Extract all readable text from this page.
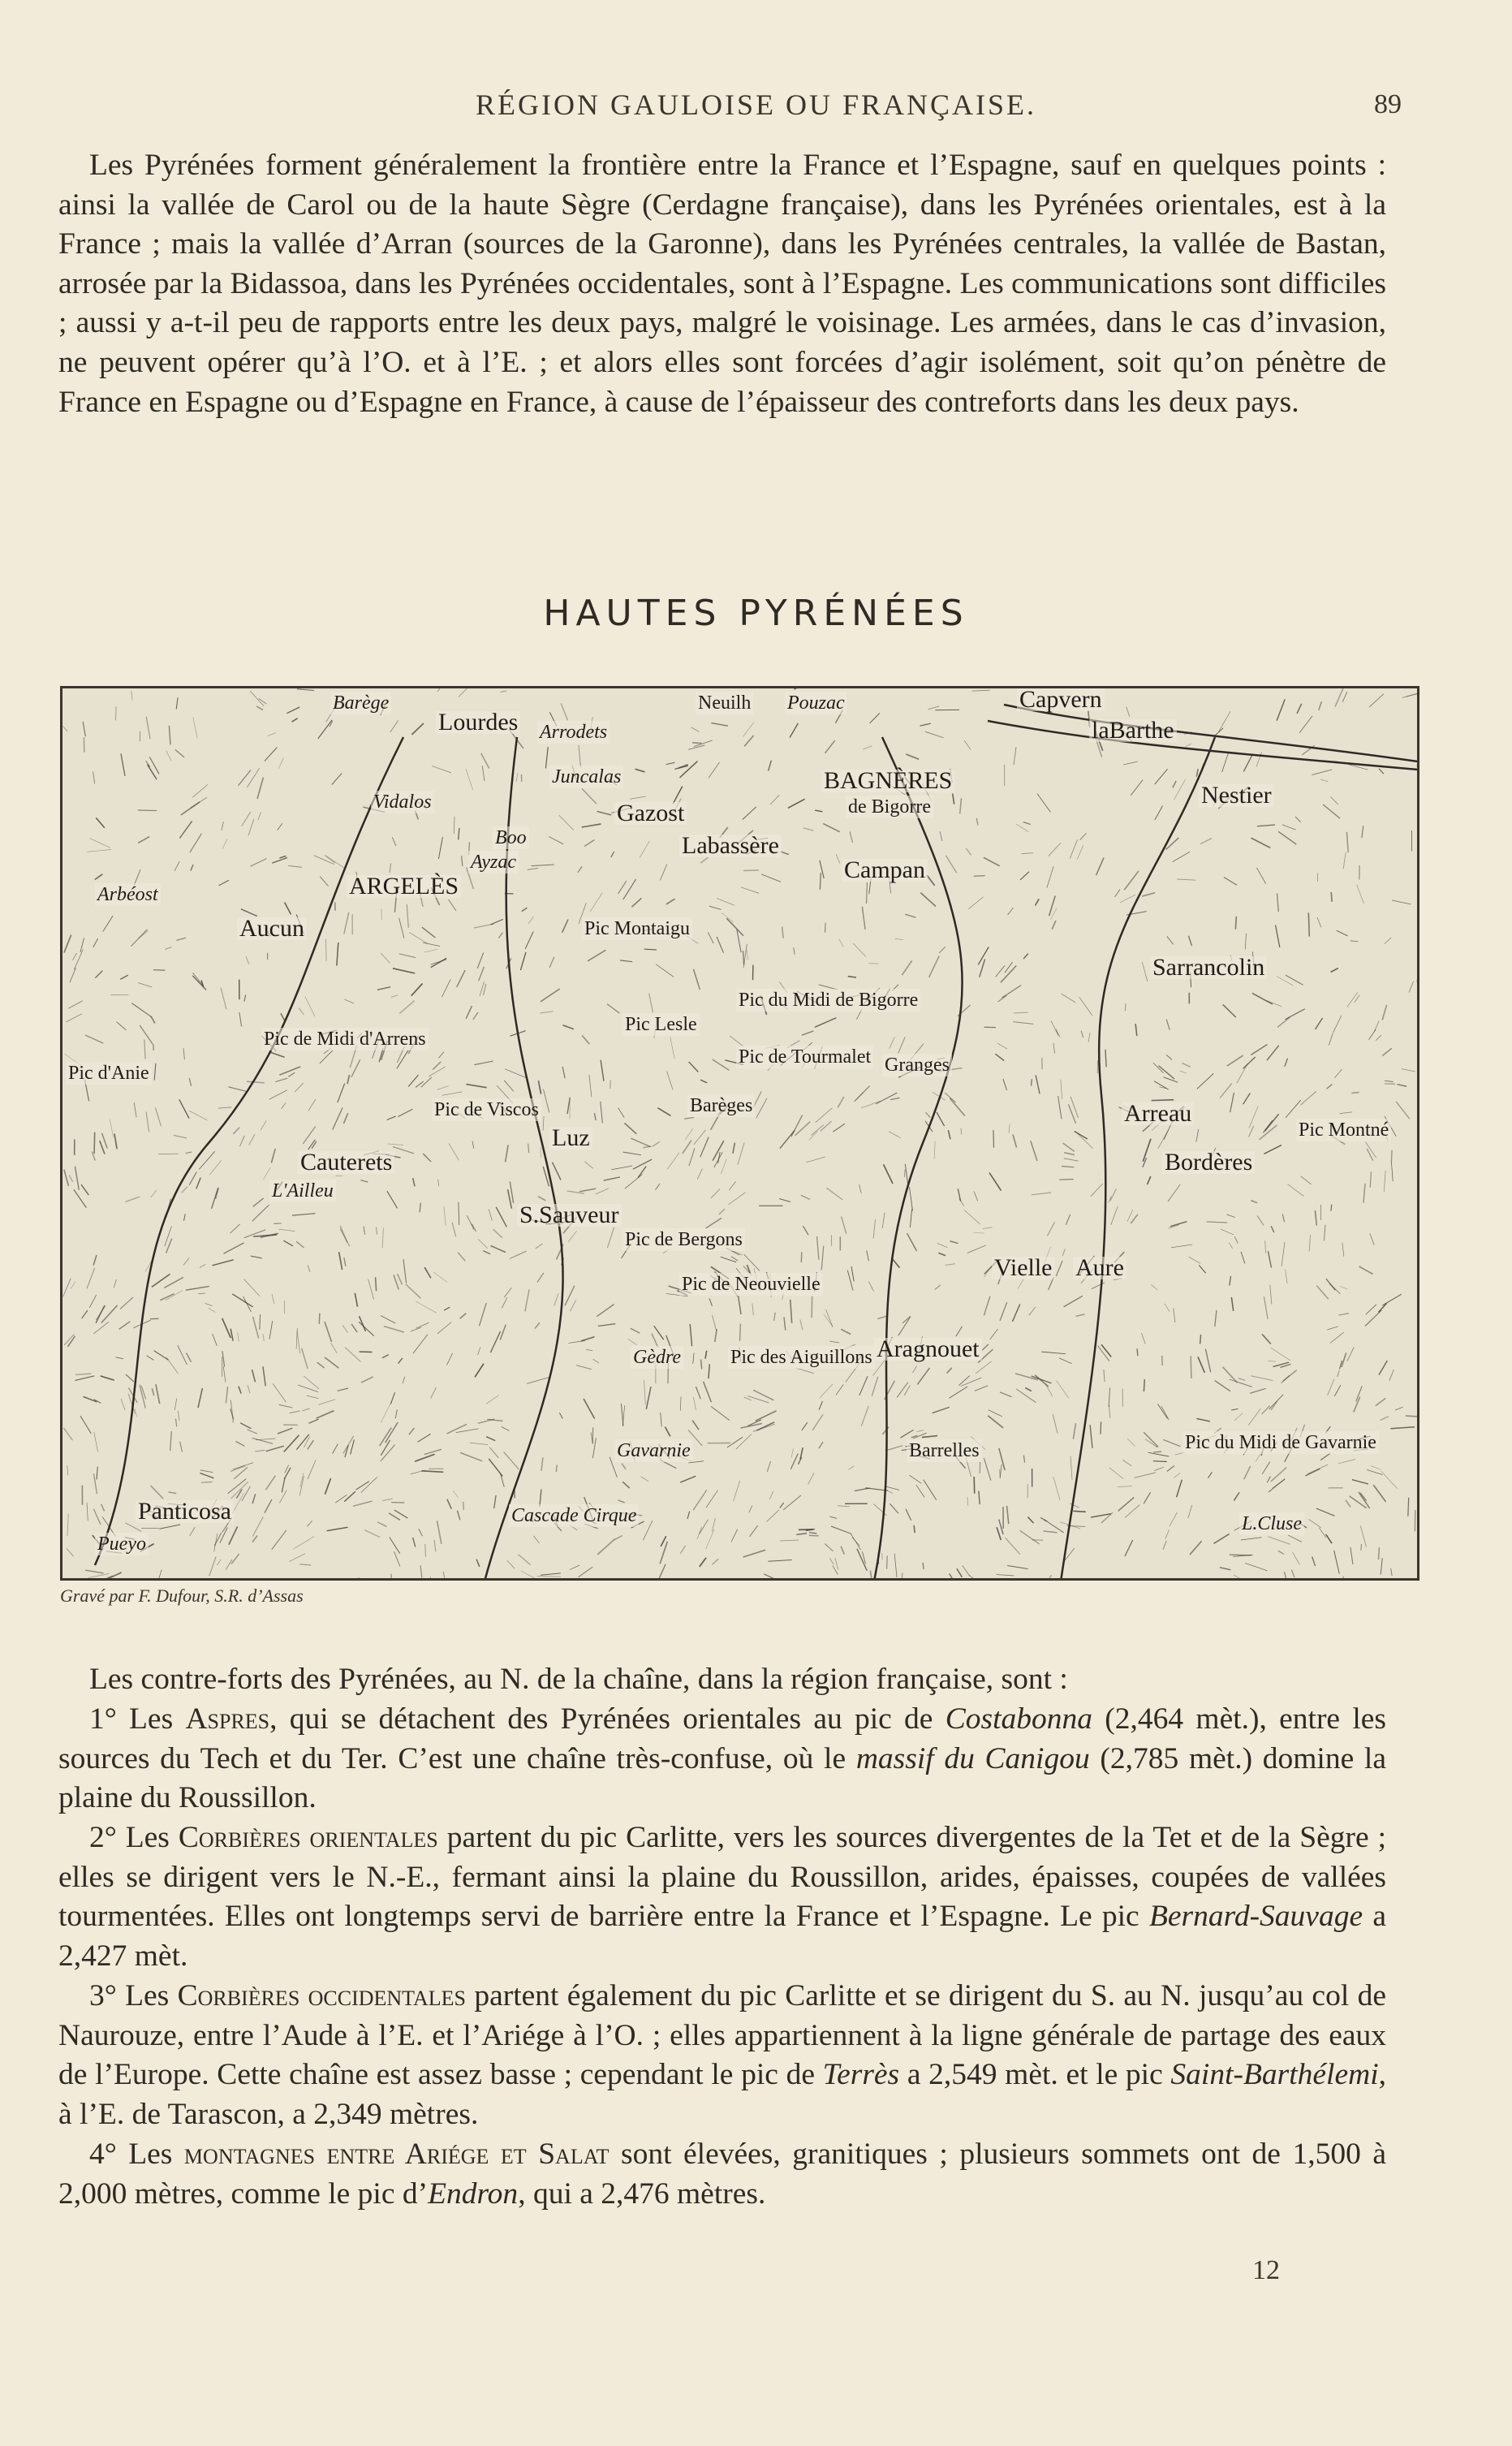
RÉGION GAULOISE OU FRANÇAISE.	89

Les Pyrénées forment généralement la frontière entre la France et l’Espagne, sauf en quelques points : ainsi la vallée de Carol ou de la haute Sègre (Cerdagne française), dans les Pyrénées orientales, est à la France ; mais la vallée d’Arran (sources de la Garonne), dans les Pyrénées centrales, la vallée de Bastan, arrosée par la Bidassoa, dans les Pyrénées occidentales, sont à l’Espagne. Les communications sont difficiles ; aussi y a-t-il peu de rapports entre les deux pays, malgré le voisinage. Les armées, dans le cas d’invasion, ne peuvent opérer qu’à l’O. et à l’E. ; et alors elles sont forcées d’agir isolément, soit qu’on pénètre de France en Espagne ou d’Espagne en France, à cause de l’épaisseur des contreforts dans les deux pays.

HAUTES PYRÉNÉES
Lourdes
Barège	Neuilh Pouzac	Capvern
laBarthe
Arrodets
Juncalas	BAGNÈRES
de Bigorre
Vidalos	Gazost
Labassère
Nestier
Campan
ARGELÈS
Boo
Ayzac
Arbéost
Aucun	Pic Montaigu
Sarrancolin
Pic du Midi de Bigorre
Pic Lesle
Pic de Midi d'Arrens
Pic d'Anie
Pic de Tourmalet Granges
Arreau
Pic de Viscos	Barèges
Pic Montné
Luz
Cauterets	Bordères
L'Ailleu
S.Sauveur
Vielle Aure
Pic de Bergons
Pic de Neouvielle
Aragnouet
Gèdre	Pic des Aiguillons
Barrelles	Pic du Midi de Gavarnie
Gavarnie
Panticosa
Pueyo
Cascade Cirque	L.Cluse
Gravé par F. Dufour, S.R. d’Assas

Les contre-forts des Pyrénées, au N. de la chaîne, dans la région française, sont :

1° Les Aspres, qui se détachent des Pyrénées orientales au pic de Costabonna (2,464 mèt.), entre les sources du Tech et du Ter. C’est une chaîne très-confuse, où le massif du Canigou (2,785 mèt.) domine la plaine du Roussillon.

2° Les Corbières orientales partent du pic Carlitte, vers les sources divergentes de la Tet et de la Sègre ; elles se dirigent vers le N.-E., fermant ainsi la plaine du Roussillon, arides, épaisses, coupées de vallées tourmentées. Elles ont longtemps servi de barrière entre la France et l’Espagne. Le pic Bernard-Sauvage a 2,427 mèt.

3° Les Corbières occidentales partent également du pic Carlitte et se dirigent du S. au N. jusqu’au col de Naurouze, entre l’Aude à l’E. et l’Ariége à l’O. ; elles appartiennent à la ligne générale de partage des eaux de l’Europe. Cette chaîne est assez basse ; cependant le pic de Terrès a 2,549 mèt. et le pic Saint-Barthélemi, à l’E. de Tarascon, a 2,349 mètres.

4° Les montagnes entre Ariége et Salat sont élevées, granitiques ; plusieurs sommets ont de 1,500 à 2,000 mètres, comme le pic d’Endron, qui a 2,476 mètres.

12
